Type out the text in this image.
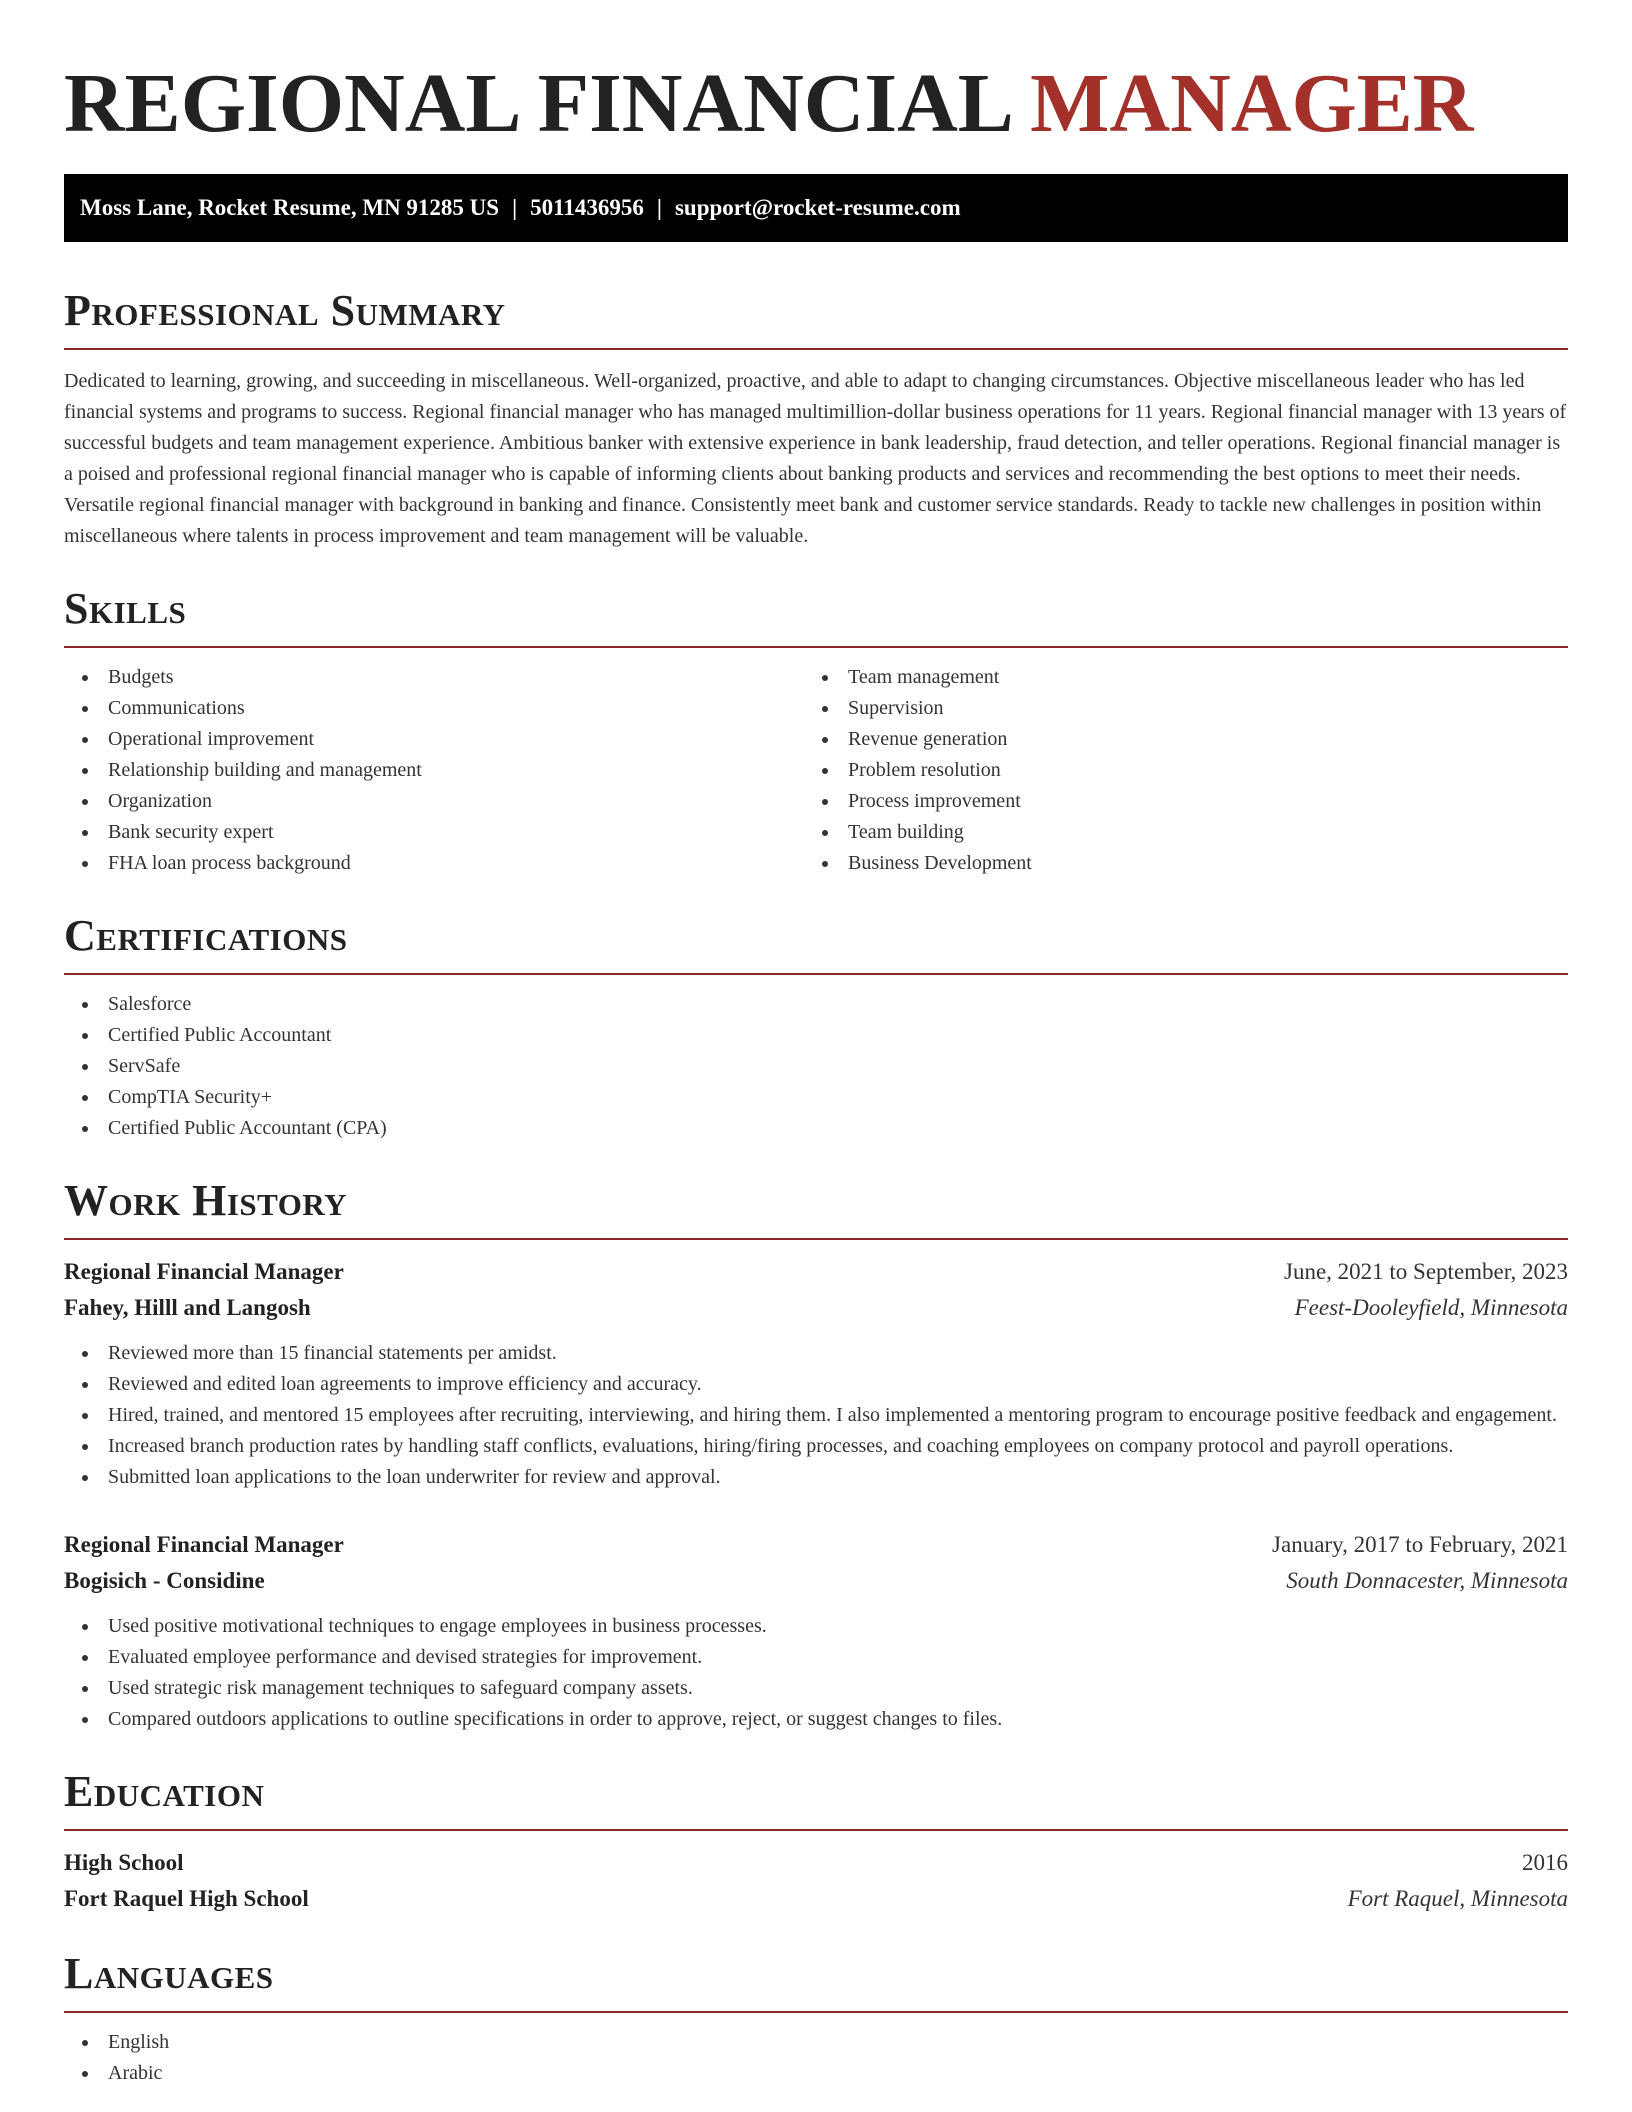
REGIONAL FINANCIAL MANAGER
Moss Lane, Rocket Resume, MN 91285 US | 5011436956 | support@rocket-resume.com
Professional Summary

Dedicated to learning, growing, and succeeding in miscellaneous. Well-organized, proactive, and able to adapt to changing circumstances. Objective miscellaneous leader who has led financial systems and programs to success. Regional financial manager who has managed multimillion-dollar business operations for 11 years. Regional financial manager with 13 years of successful budgets and team management experience. Ambitious banker with extensive experience in bank leadership, fraud detection, and teller operations. Regional financial manager is a poised and professional regional financial manager who is capable of informing clients about banking products and services and recommending the best options to meet their needs. Versatile regional financial manager with background in banking and finance. Consistently meet bank and customer service standards. Ready to tackle new challenges in position within miscellaneous where talents in process improvement and team management will be valuable.

Skills
Budgets
Communications
Operational improvement
Relationship building and management
Organization
Bank security expert
FHA loan process background
Team management
Supervision
Revenue generation
Problem resolution
Process improvement
Team building
Business Development
Certifications
Salesforce
Certified Public Accountant
ServSafe
CompTIA Security+
Certified Public Accountant (CPA)
Work History
Regional Financial Manager	June, 2021 to September, 2023
Fahey, Hilll and Langosh	Feest-Dooleyfield, Minnesota
Reviewed more than 15 financial statements per amidst.
Reviewed and edited loan agreements to improve efficiency and accuracy.
Hired, trained, and mentored 15 employees after recruiting, interviewing, and hiring them. I also implemented a mentoring program to encourage positive feedback and engagement.
Increased branch production rates by handling staff conflicts, evaluations, hiring/firing processes, and coaching employees on company protocol and payroll operations.
Submitted loan applications to the loan underwriter for review and approval.
Regional Financial Manager	January, 2017 to February, 2021
Bogisich - Considine	South Donnacester, Minnesota
Used positive motivational techniques to engage employees in business processes.
Evaluated employee performance and devised strategies for improvement.
Used strategic risk management techniques to safeguard company assets.
Compared outdoors applications to outline specifications in order to approve, reject, or suggest changes to files.
Education
High School	2016
Fort Raquel High School	Fort Raquel, Minnesota
Languages
English
Arabic
